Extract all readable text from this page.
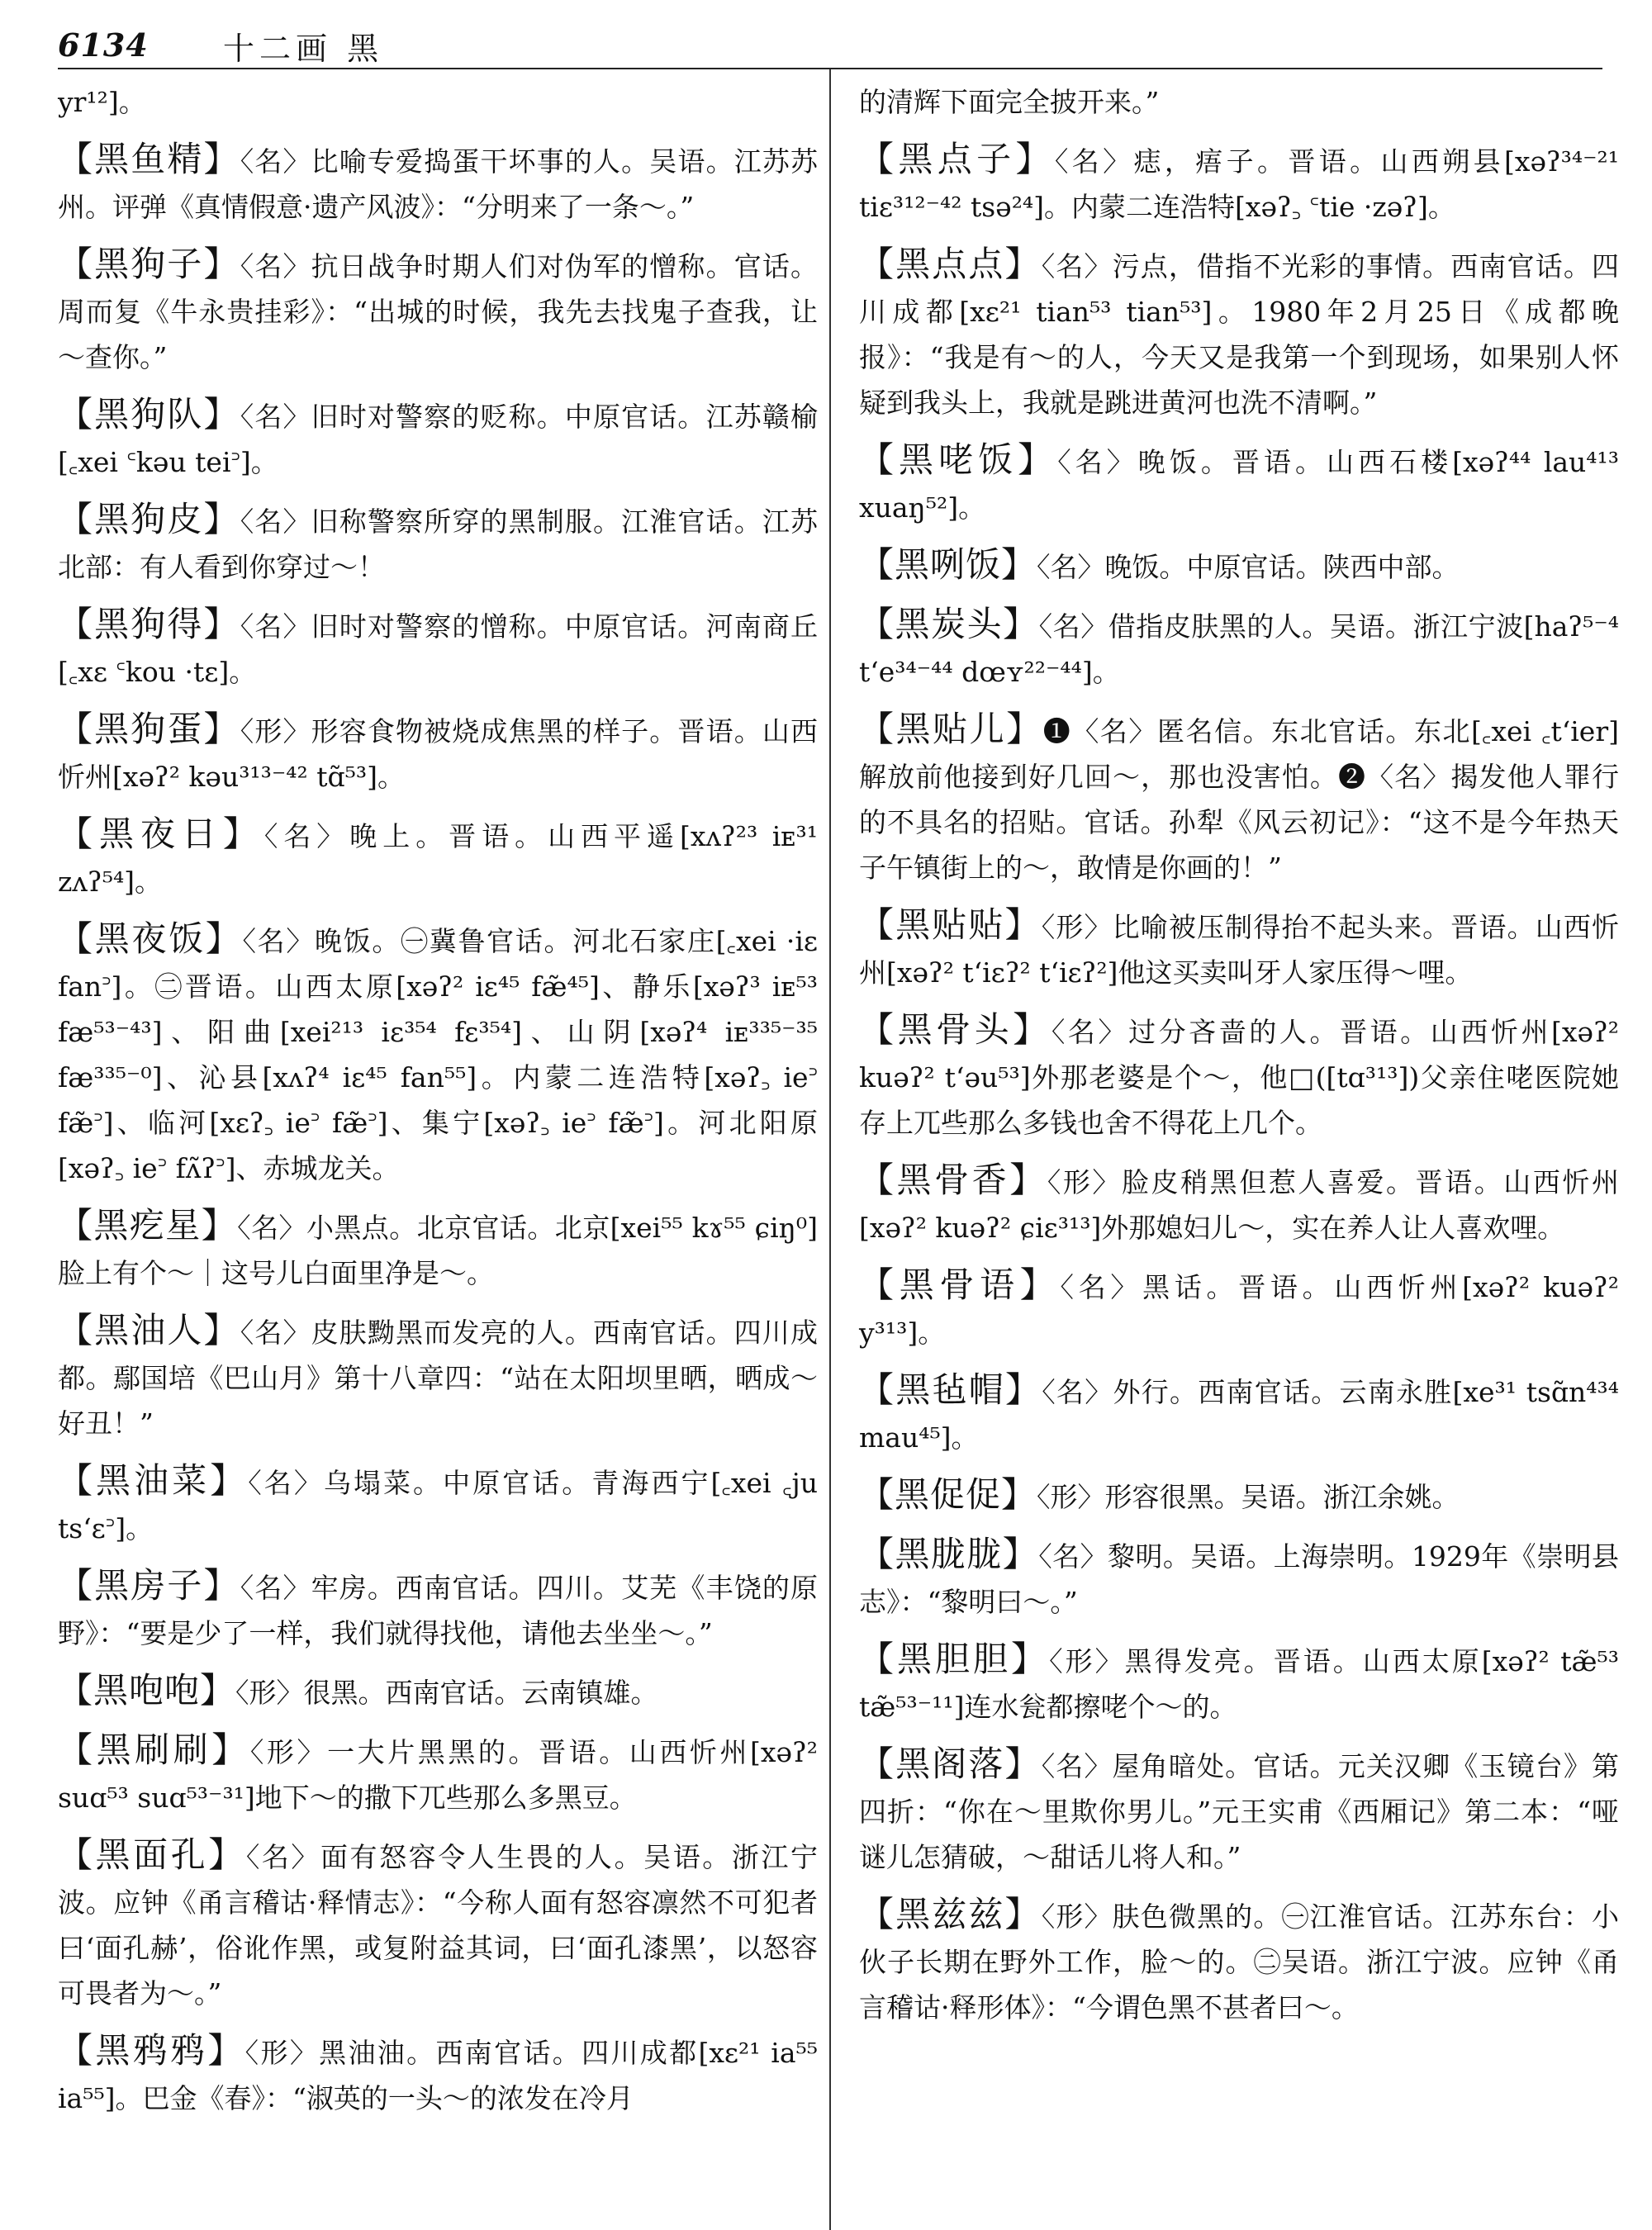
6134 十二画 黑
yr¹²]。
【黑鱼精】〈名〉比喻专爱捣蛋干坏事的人。吴语。江苏苏州。评弹《真情假意·遗产风波》：“分明来了一条～。”
【黑狗子】〈名〉抗日战争时期人们对伪军的憎称。官话。周而复《牛永贵挂彩》：“出城的时候，我先去找鬼子查我，让～查你。”
【黑狗队】〈名〉旧时对警察的贬称。中原官话。江苏赣榆[꜀xei ꜂kəu tei꜄]。
【黑狗皮】〈名〉旧称警察所穿的黑制服。江淮官话。江苏北部：有人看到你穿过～！
【黑狗得】〈名〉旧时对警察的憎称。中原官话。河南商丘[꜀xɛ ꜂kou ·tɛ]。
【黑狗蛋】〈形〉形容食物被烧成焦黑的样子。晋语。山西忻州[xəʔ² kəu³¹³⁻⁴² tɑ̃⁵³]。
【黑夜日】〈名〉晚上。晋语。山西平遥[xʌʔ²³ iᴇ³¹ zʌʔ⁵⁴]。
【黑夜饭】〈名〉晚饭。㊀冀鲁官话。河北石家庄[꜀xei ·iɛ fan꜄]。㊁晋语。山西太原[xəʔ² iɛ⁴⁵ fæ̃⁴⁵]、静乐[xəʔ³ iᴇ⁵³ fæ⁵³⁻⁴³]、阳曲[xei²¹³ iɛ³⁵⁴ fɛ³⁵⁴]、山阴[xəʔ⁴ iᴇ³³⁵⁻³⁵ fæ³³⁵⁻⁰]、沁县[xʌʔ⁴ iɛ⁴⁵ fan⁵⁵]。内蒙二连浩特[xəʔ꜆ ie꜄ fæ̃꜄]、临河[xɛʔ꜆ ie꜄ fæ̃꜄]、集宁[xəʔ꜆ ie꜄ fæ̃꜄]。河北阳原[xəʔ꜆ ie꜄ fʌ̃ʔ꜄]、赤城龙关。
【黑疙星】〈名〉小黑点。北京官话。北京[xei⁵⁵ kɤ⁵⁵ ɕiŋ⁰]脸上有个～｜这号儿白面里净是～。
【黑油人】〈名〉皮肤黝黑而发亮的人。西南官话。四川成都。鄢国培《巴山月》第十八章四：“站在太阳坝里晒，晒成～好丑！”
【黑油菜】〈名〉乌塌菜。中原官话。青海西宁[꜀xei ꜀ju tsʻɛ꜄]。
【黑房子】〈名〉牢房。西南官话。四川。艾芜《丰饶的原野》：“要是少了一样，我们就得找他，请他去坐坐～。”
【黑咆咆】〈形〉很黑。西南官话。云南镇雄。
【黑刷刷】〈形〉一大片黑黑的。晋语。山西忻州[xəʔ² suɑ⁵³ suɑ⁵³⁻³¹]地下～的撒下兀些那么多黑豆。
【黑面孔】〈名〉面有怒容令人生畏的人。吴语。浙江宁波。应钟《甬言稽诂·释情志》：“今称人面有怒容凛然不可犯者曰‘面孔赫’，俗讹作黑，或复附益其词，曰‘面孔漆黑’，以怒容可畏者为～。”
【黑鸦鸦】〈形〉黑油油。西南官话。四川成都[xɛ²¹ ia⁵⁵ ia⁵⁵]。巴金《春》：“淑英的一头～的浓发在冷月
的清辉下面完全披开来。”
【黑点子】〈名〉痣，痦子。晋语。山西朔县[xəʔ³⁴⁻²¹ tiɛ³¹²⁻⁴² tsə²⁴]。内蒙二连浩特[xəʔ꜆ ꜂tie ·zəʔ]。
【黑点点】〈名〉污点，借指不光彩的事情。西南官话。四川成都[xɛ²¹ tian⁵³ tian⁵³]。1980年2月25日《成都晚报》：“我是有～的人，今天又是我第一个到现场，如果别人怀疑到我头上，我就是跳进黄河也洗不清啊。”
【黑咾饭】〈名〉晚饭。晋语。山西石楼[xəʔ⁴⁴ lau⁴¹³ xuaŋ⁵²]。
【黑咧饭】〈名〉晚饭。中原官话。陕西中部。
【黑炭头】〈名〉借指皮肤黑的人。吴语。浙江宁波[haʔ⁵⁻⁴ tʻe³⁴⁻⁴⁴ dœʏ²²⁻⁴⁴]。
【黑贴儿】❶〈名〉匿名信。东北官话。东北[꜀xei ꜀tʻier]解放前他接到好几回～，那也没害怕。❷〈名〉揭发他人罪行的不具名的招贴。官话。孙犁《风云初记》：“这不是今年热天子午镇街上的～，敢情是你画的！”
【黑贴贴】〈形〉比喻被压制得抬不起头来。晋语。山西忻州[xəʔ² tʻiɛʔ² tʻiɛʔ²]他这买卖叫牙人家压得～哩。
【黑骨头】〈名〉过分吝啬的人。晋语。山西忻州[xəʔ² kuəʔ² tʻəu⁵³]外那老婆是个～，他□([tɑ³¹³])父亲住咾医院她存上兀些那么多钱也舍不得花上几个。
【黑骨香】〈形〉脸皮稍黑但惹人喜爱。晋语。山西忻州[xəʔ² kuəʔ² ɕiɛ³¹³]外那媳妇儿～，实在养人让人喜欢哩。
【黑骨语】〈名〉黑话。晋语。山西忻州[xəʔ² kuəʔ² y³¹³]。
【黑毡帽】〈名〉外行。西南官话。云南永胜[xe³¹ tsɑ̃n⁴³⁴ mau⁴⁵]。
【黑促促】〈形〉形容很黑。吴语。浙江余姚。
【黑胧胧】〈名〉黎明。吴语。上海崇明。1929年《崇明县志》：“黎明曰～。”
【黑胆胆】〈形〉黑得发亮。晋语。山西太原[xəʔ² tæ̃⁵³ tæ̃⁵³⁻¹¹]连水瓮都擦咾个～的。
【黑阁落】〈名〉屋角暗处。官话。元关汉卿《玉镜台》第四折：“你在～里欺你男儿。”元王实甫《西厢记》第二本：“哑谜儿怎猜破，～甜话儿将人和。”
【黑兹兹】〈形〉肤色微黑的。㊀江淮官话。江苏东台：小伙子长期在野外工作，脸～的。㊁吴语。浙江宁波。应钟《甬言稽诂·释形体》：“今谓色黑不甚者曰～。
